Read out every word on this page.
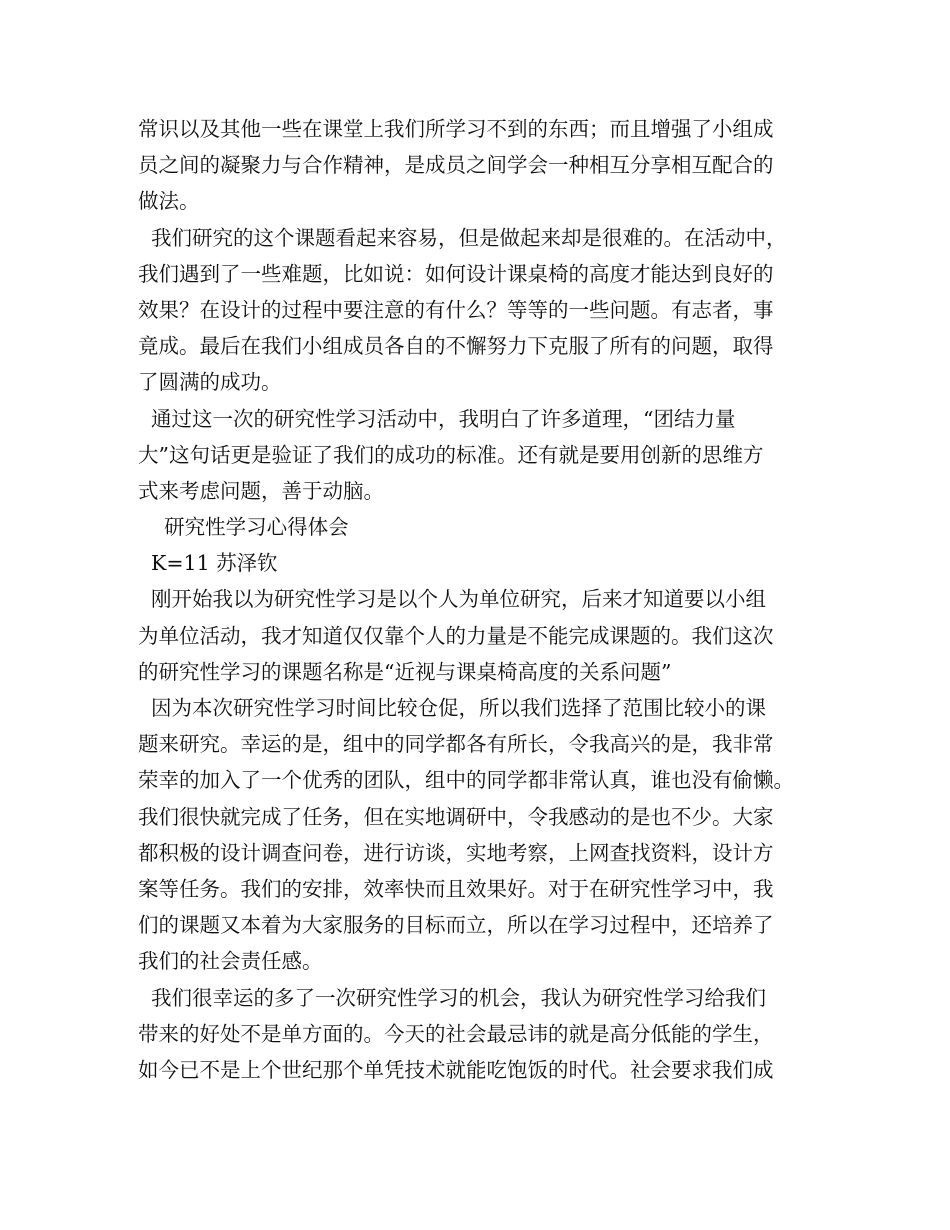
常识以及其他一些在课堂上我们所学习不到的东西；而且增强了小组成
员之间的凝聚力与合作精神，是成员之间学会一种相互分享相互配合的
做法。
我们研究的这个课题看起来容易，但是做起来却是很难的。在活动中，
我们遇到了一些难题，比如说：如何设计课桌椅的高度才能达到良好的
效果？在设计的过程中要注意的有什么？等等的一些问题。有志者，事
竟成。最后在我们小组成员各自的不懈努力下克服了所有的问题，取得
了圆满的成功。
通过这一次的研究性学习活动中，我明白了许多道理，“团结力量
大”这句话更是验证了我们的成功的标准。还有就是要用创新的思维方
式来考虑问题，善于动脑。
研究性学习心得体会
K=11 苏泽钦
刚开始我以为研究性学习是以个人为单位研究，后来才知道要以小组
为单位活动，我才知道仅仅靠个人的力量是不能完成课题的。我们这次
的研究性学习的课题名称是“近视与课桌椅高度的关系问题”
因为本次研究性学习时间比较仓促，所以我们选择了范围比较小的课
题来研究。幸运的是，组中的同学都各有所长，令我高兴的是，我非常
荣幸的加入了一个优秀的团队，组中的同学都非常认真，谁也没有偷懒。
我们很快就完成了任务，但在实地调研中，令我感动的是也不少。大家
都积极的设计调查问卷，进行访谈，实地考察，上网查找资料，设计方
案等任务。我们的安排，效率快而且效果好。对于在研究性学习中，我
们的课题又本着为大家服务的目标而立，所以在学习过程中，还培养了
我们的社会责任感。
我们很幸运的多了一次研究性学习的机会，我认为研究性学习给我们
带来的好处不是单方面的。今天的社会最忌讳的就是高分低能的学生，
如今已不是上个世纪那个单凭技术就能吃饱饭的时代。社会要求我们成
